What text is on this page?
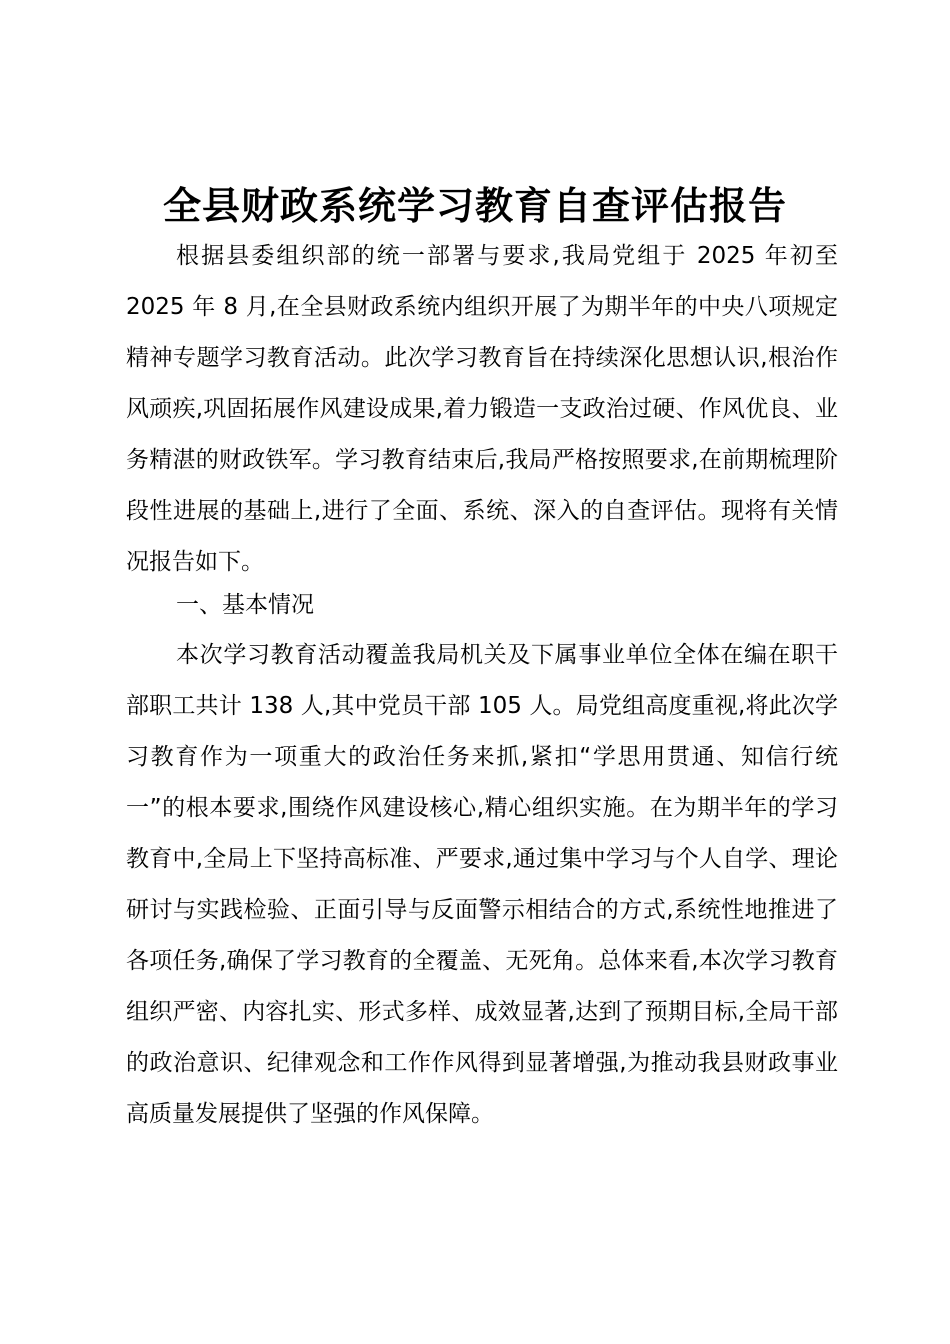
全县财政系统学习教育自查评估报告

根据县委组织部的统一部署与要求,我局党组于 2025 年初至 2025 年 8 月,在全县财政系统内组织开展了为期半年的中央八项规定精神专题学习教育活动。此次学习教育旨在持续深化思想认识,根治作风顽疾,巩固拓展作风建设成果,着力锻造一支政治过硬、作风优良、业务精湛的财政铁军。学习教育结束后,我局严格按照要求,在前期梳理阶段性进展的基础上,进行了全面、系统、深入的自查评估。现将有关情况报告如下。

一、基本情况

本次学习教育活动覆盖我局机关及下属事业单位全体在编在职干部职工共计 138 人,其中党员干部 105 人。局党组高度重视,将此次学习教育作为一项重大的政治任务来抓,紧扣“学思用贯通、知信行统一”的根本要求,围绕作风建设核心,精心组织实施。在为期半年的学习教育中,全局上下坚持高标准、严要求,通过集中学习与个人自学、理论研讨与实践检验、正面引导与反面警示相结合的方式,系统性地推进了各项任务,确保了学习教育的全覆盖、无死角。总体来看,本次学习教育组织严密、内容扎实、形式多样、成效显著,达到了预期目标,全局干部的政治意识、纪律观念和工作作风得到显著增强,为推动我县财政事业高质量发展提供了坚强的作风保障。
